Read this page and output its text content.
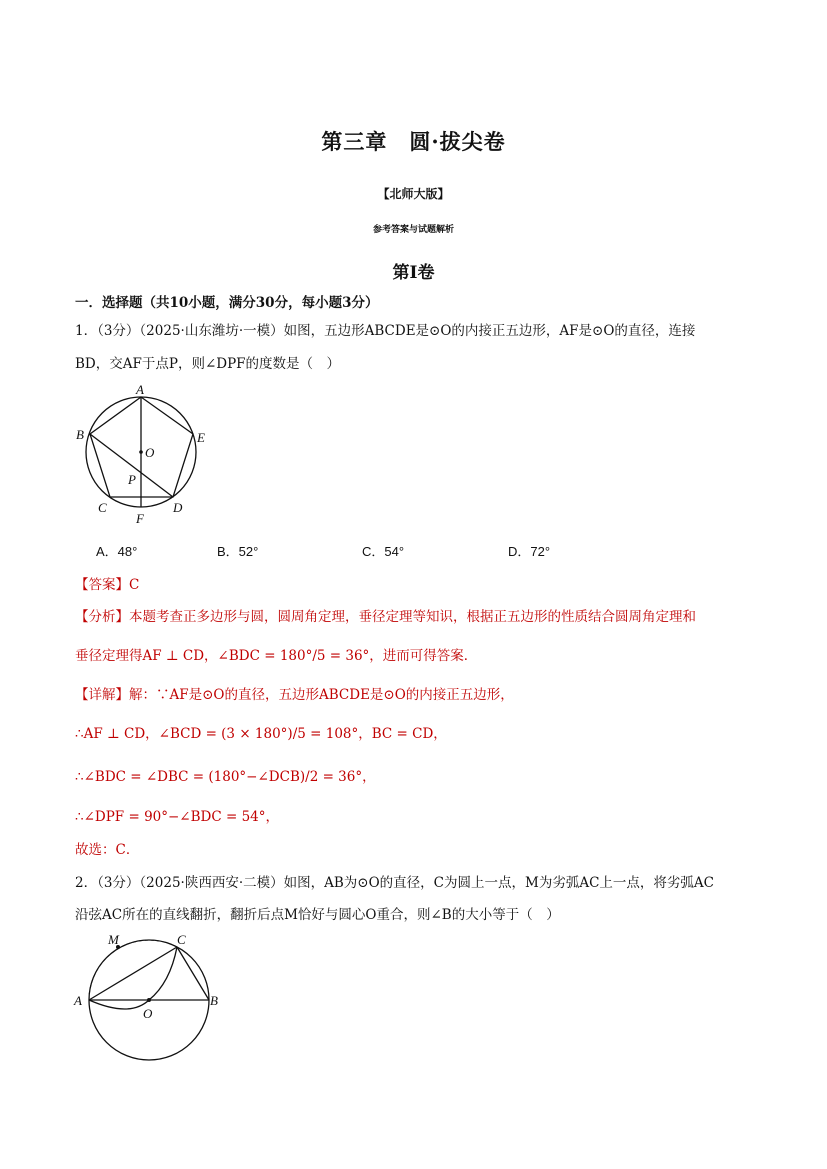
第三章　圆·拔尖卷
【北师大版】
参考答案与试题解析
第Ⅰ卷
一．选择题（共10小题，满分30分，每小题3分）
1．（3分）（2025·山东潍坊·一模）如图，五边形ABCDE是⊙O的内接正五边形，AF是⊙O的直径，连接
BD，交AF于点P，则∠DPF的度数是（　）
A
B
C	D
E
F
O
P
A．48°	B．52°	C．54°	D．72°
【答案】C
【分析】本题考查正多边形与圆，圆周角定理，垂径定理等知识，根据正五边形的性质结合圆周角定理和
垂径定理得AF ⊥ CD，∠BDC = 180°/5 = 36°，进而可得答案．
【详解】解：∵AF是⊙O的直径，五边形ABCDE是⊙O的内接正五边形，
∴AF ⊥ CD，∠BCD = (3 × 180°)/5 = 108°，BC = CD，
∴∠BDC = ∠DBC = (180°−∠DCB)/2 = 36°，
∴∠DPF = 90°−∠BDC = 54°，
故选：C．
2．（3分）（2025·陕西西安·二模）如图，AB为⊙O的直径，C为圆上一点，M为劣弧AC上一点，将劣弧AC
沿弦AC所在的直线翻折，翻折后点M恰好与圆心O重合，则∠B的大小等于（　）
A	B
C
M
O
